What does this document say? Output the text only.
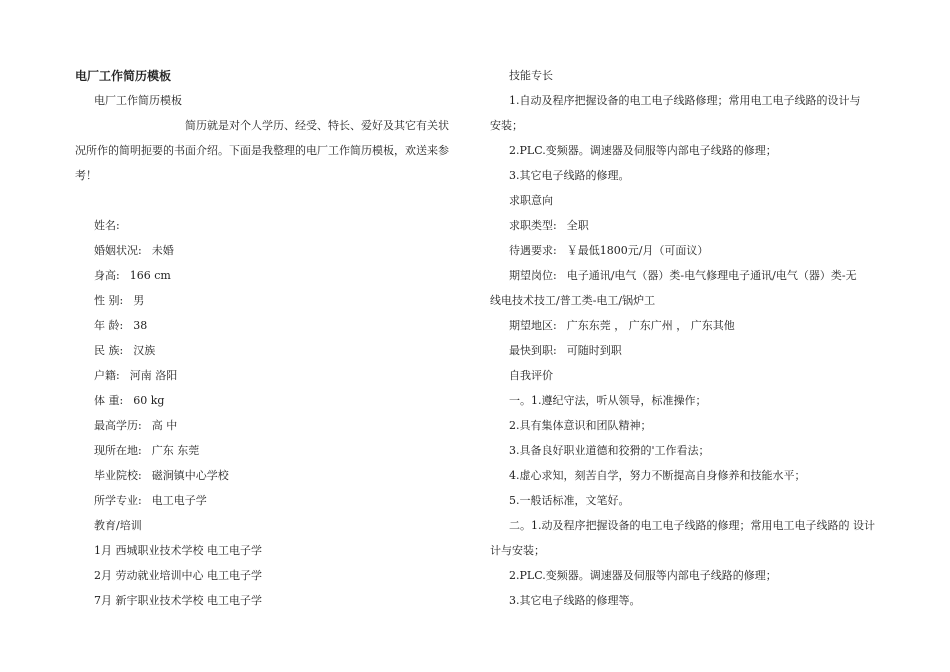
电厂工作简历模板
电厂工作简历模板
简历就是对个人学历、经受、特长、爱好及其它有关状
况所作的简明扼要的书面介绍。下面是我整理的电厂工作简历模板，欢送来参
考！
姓名:
婚姻状况: 未婚
身高: 166 cm
性 别: 男
年 龄: 38
民 族: 汉族
户籍: 河南 洛阳
体 重: 60 kg
最高学历: 高 中
现所在地: 广东 东莞
毕业院校: 磁涧镇中心学校
所学专业: 电工电子学
教育/培训
1月 西城职业技术学校 电工电子学
2月 劳动就业培训中心 电工电子学
7月 新宇职业技术学校 电工电子学
技能专长
1.自动及程序把握设备的电工电子线路修理；常用电工电子线路的设计与
安装；
2.PLC.变频器。调速器及伺服等内部电子线路的修理；
3.其它电子线路的修理。
求职意向
求职类型: 全职
待遇要求: ￥最低1800元/月（可面议）
期望岗位: 电子通讯/电气（器）类-电气修理电子通讯/电气（器）类-无
线电技术技工/普工类-电工/锅炉工
期望地区: 广东东莞 ， 广东广州 ， 广东其他
最快到职: 可随时到职
自我评价
一。1.遵纪守法，听从领导，标准操作；
2.具有集体意识和团队精神；
3.具备良好职业道德和狡猾的'工作看法；
4.虚心求知，刻苦自学，努力不断提高自身修养和技能水平；
5.一般话标准，文笔好。
二。1.动及程序把握设备的电工电子线路的修理；常用电工电子线路的 设计
计与安装；
2.PLC.变频器。调速器及伺服等内部电子线路的修理；
3.其它电子线路的修理等。
